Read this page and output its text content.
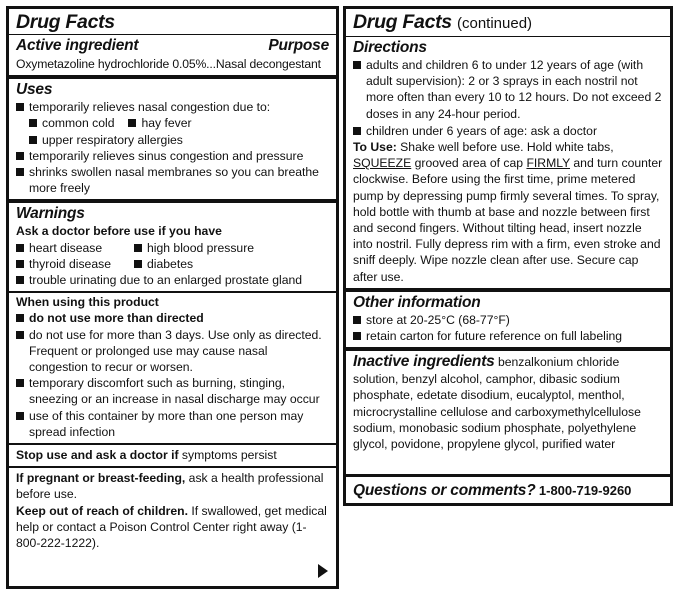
Drug Facts
Active ingredient	Purpose
Oxymetazoline hydrochloride 0.05%...Nasal decongestant
Uses
temporarily relieves nasal congestion due to:
common cold hay fever
upper respiratory allergies
temporarily relieves sinus congestion and pressure
shrinks swollen nasal membranes so you can breathe more freely
Warnings
Ask a doctor before use if you have
heart disease	high blood pressure
thyroid disease	diabetes
trouble urinating due to an enlarged prostate gland
When using this product
do not use more than directed
do not use for more than 3 days. Use only as directed. Frequent or prolonged use may cause nasal congestion to recur or worsen.
temporary discomfort such as burning, stinging, sneezing or an increase in nasal discharge may occur
use of this container by more than one person may spread infection
Stop use and ask a doctor if symptoms persist
If pregnant or breast-feeding, ask a health professional before use.
Keep out of reach of children. If swallowed, get medical help or contact a Poison Control Center right away (1-800-222-1222).
Drug Facts (continued)
Directions
adults and children 6 to under 12 years of age (with adult supervision): 2 or 3 sprays in each nostril not more often than every 10 to 12 hours. Do not exceed 2 doses in any 24-hour period.
children under 6 years of age: ask a doctor
To Use: Shake well before use. Hold white tabs, SQUEEZE grooved area of cap FIRMLY and turn counter clockwise. Before using the first time, prime metered pump by depressing pump firmly several times. To spray, hold bottle with thumb at base and nozzle between first and second fingers. Without tilting head, insert nozzle into nostril. Fully depress rim with a firm, even stroke and sniff deeply. Wipe nozzle clean after use. Secure cap after use.
Other information
store at 20-25°C (68-77°F)
retain carton for future reference on full labeling
Inactive ingredients benzalkonium chloride solution, benzyl alcohol, camphor, dibasic sodium phosphate, edetate disodium, eucalyptol, menthol, microcrystalline cellulose and carboxymethylcellulose sodium, monobasic sodium phosphate, polyethylene glycol, povidone, propylene glycol, purified water
Questions or comments? 1-800-719-9260
